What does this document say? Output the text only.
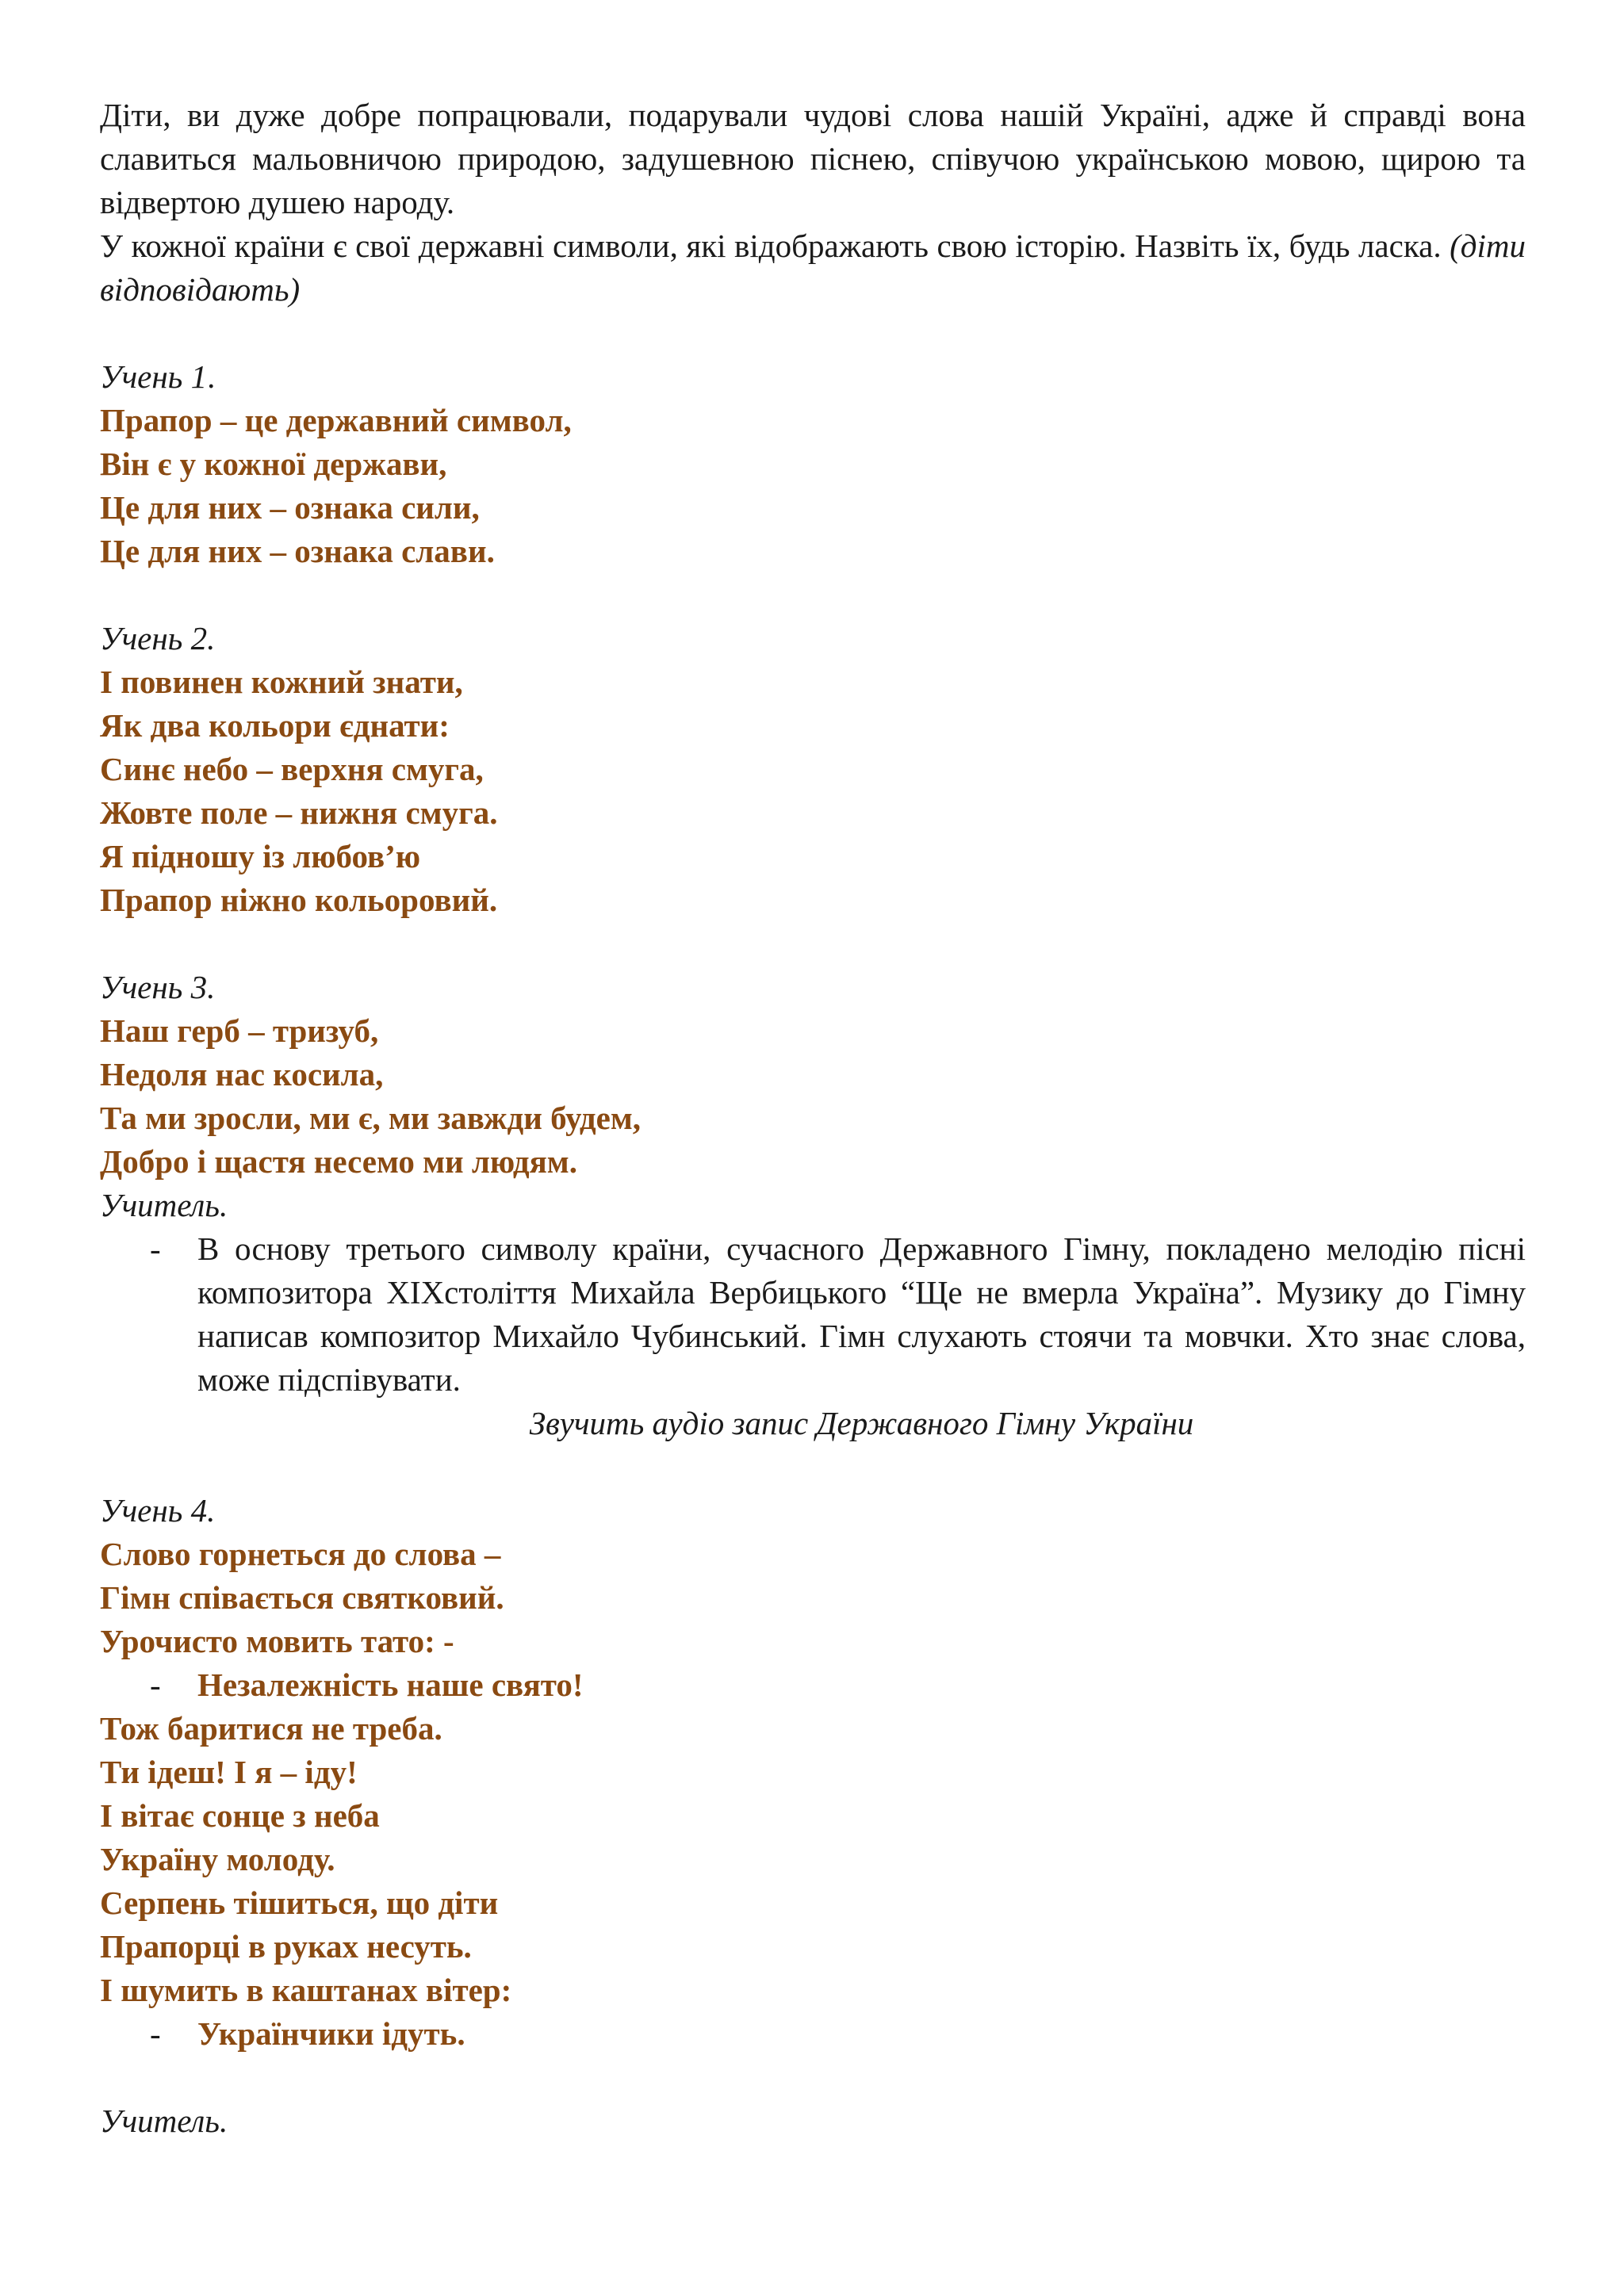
Діти, ви дуже добре попрацювали, подарували чудові слова нашій Україні, адже й справді вона славиться мальовничою природою, задушевною піснею, співучою українською мовою, щирою та відвертою душею народу.

У кожної країни є свої державні символи, які відображають свою історію. Назвіть їх, будь ласка. (діти відповідають)

Учень 1.

Прапор – це державний символ,

Він є у кожної держави,

Це для них – ознака сили,

Це для них – ознака слави.

Учень 2.

І повинен кожний знати,

Як два кольори єднати:

Синє небо – верхня смуга,

Жовте поле – нижня смуга.

Я підношу із любов’ю

Прапор ніжно кольоровий.

Учень 3.

Наш герб – тризуб,

Недоля нас косила,

Та ми зросли, ми є, ми завжди будем,

Добро і щастя несемо ми людям.

Учитель.

-	В основу третього символу країни, сучасного Державного Гімну, покладено мелодію пісні композитора XIXстоліття Михайла Вербицького “Ще не вмерла Україна”. Музику до Гімну написав композитор Михайло Чубинський. Гімн слухають стоячи та мовчки. Хто знає слова, може підспівувати.

Звучить аудіо запис Державного Гімну України

Учень 4.

Слово горнеться до слова –

Гімн співається святковий.

Урочисто мовить тато: -

-	Незалежність наше свято!

Тож баритися не треба.

Ти ідеш! І я – іду!

І вітає сонце з неба

Україну молоду.

Серпень тішиться, що діти

Прапорці в руках несуть.

І шумить в каштанах вітер:

-	Українчики ідуть.

Учитель.
